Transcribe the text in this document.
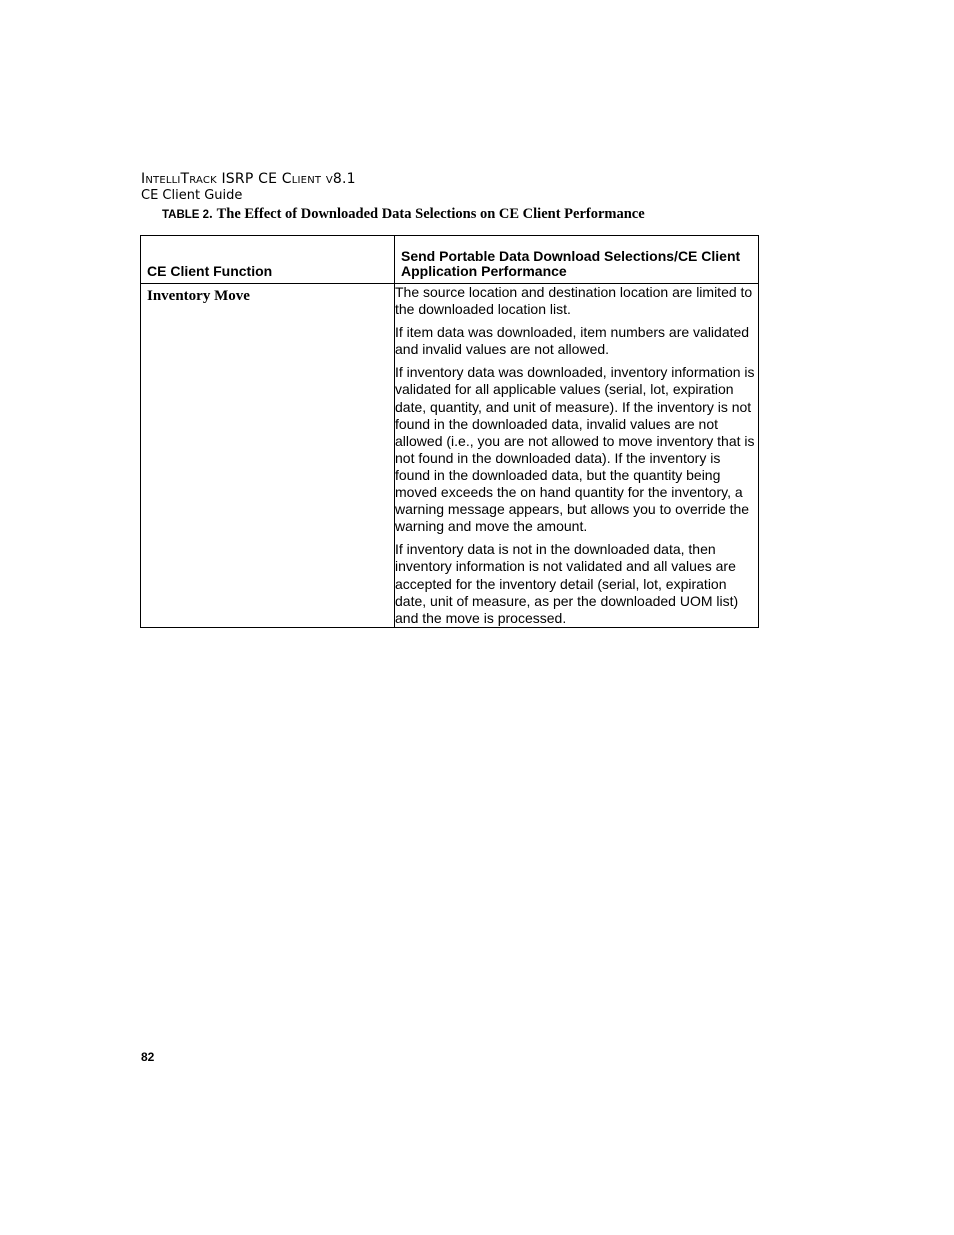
IntelliTrack ISRP CE Client v8.1
CE Client Guide
TABLE 2. The Effect of Downloaded Data Selections on CE Client Performance
CE Client Function	Send Portable Data Download Selections/CE Client Application Performance

Inventory Move	The source location and destination location are limited to the downloaded location list.

If item data was downloaded, item numbers are validated and invalid values are not allowed.

If inventory data was downloaded, inventory information is validated for all applicable values (serial, lot, expiration date, quantity, and unit of measure). If the inventory is not found in the downloaded data, invalid values are not allowed (i.e., you are not allowed to move inventory that is not found in the downloaded data). If the inventory is found in the downloaded data, but the quantity being moved exceeds the on hand quantity for the inventory, a warning message appears, but allows you to override the warning and move the amount.

If inventory data is not in the downloaded data, then inventory information is not validated and all values are accepted for the inventory detail (serial, lot, expiration date, unit of measure, as per the downloaded UOM list) and the move is processed.

82
